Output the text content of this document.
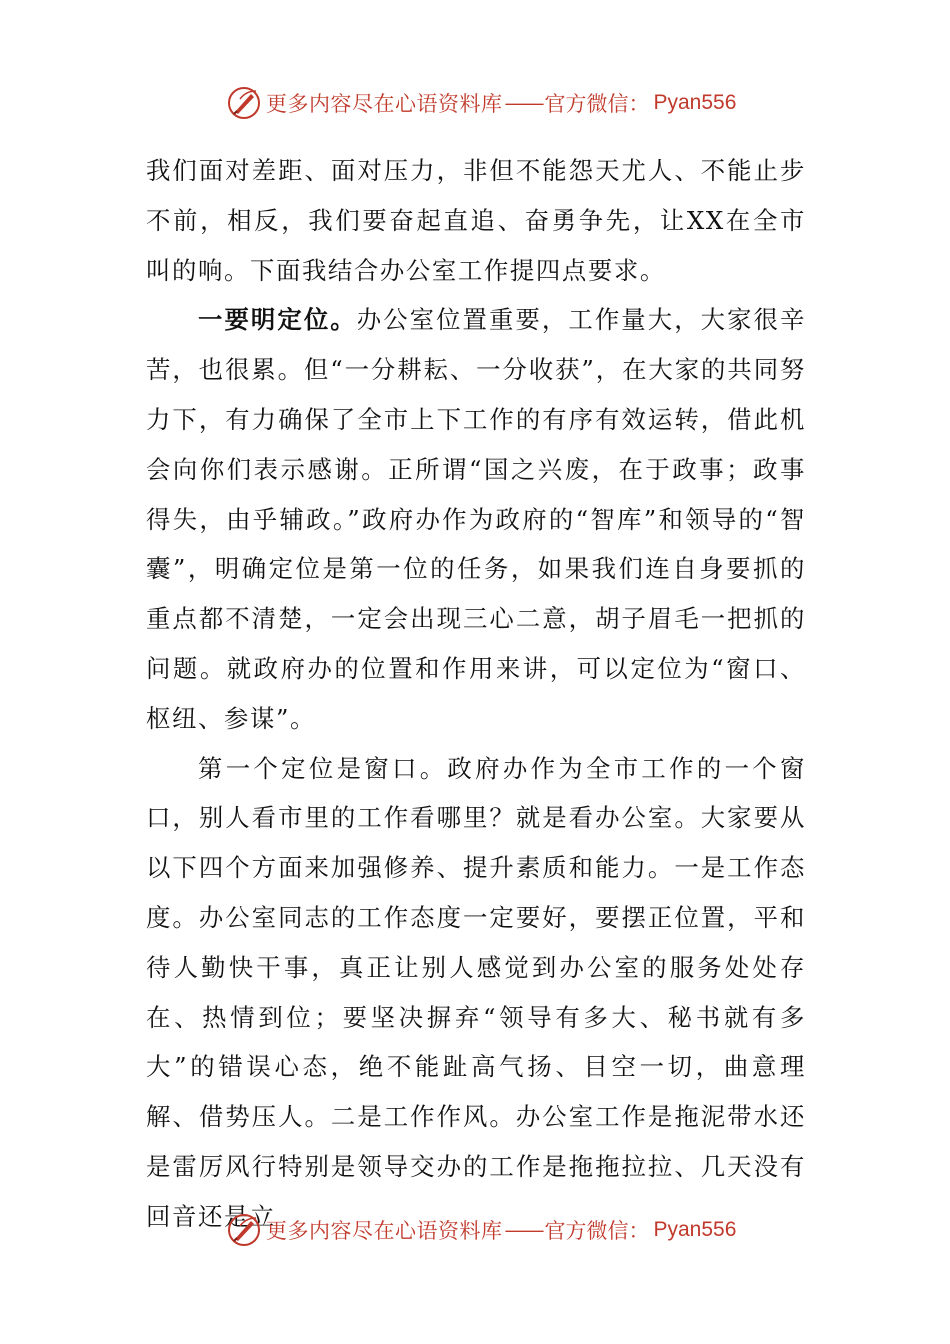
更多内容尽在心语资料库 —— 官方微信： Pyan556

我们面对差距、面对压力，非但不能怨天尤人、不能止步不前，相反，我们要奋起直追、奋勇争先，让XX在全市叫的响。下面我结合办公室工作提四点要求。

一要明定位。办公室位置重要，工作量大，大家很辛苦，也很累。但“一分耕耘、一分收获”，在大家的共同努力下，有力确保了全市上下工作的有序有效运转，借此机会向你们表示感谢。正所谓“国之兴废，在于政事；政事得失，由乎辅政。”政府办作为政府的“智库”和领导的“智囊”，明确定位是第一位的任务，如果我们连自身要抓的重点都不清楚，一定会出现三心二意，胡子眉毛一把抓的问题。就政府办的位置和作用来讲，可以定位为“窗口、枢纽、参谋”。

第一个定位是窗口。政府办作为全市工作的一个窗口，别人看市里的工作看哪里？就是看办公室。大家要从以下四个方面来加强修养、提升素质和能力。一是工作态度。办公室同志的工作态度一定要好，要摆正位置，平和待人勤快干事，真正让别人感觉到办公室的服务处处存在、热情到位；要坚决摒弃“领导有多大、秘书就有多大”的错误心态，绝不能趾高气扬、目空一切，曲意理解、借势压人。二是工作作风。办公室工作是拖泥带水还是雷厉风行特别是领导交办的工作是拖拖拉拉、几天没有回音还是立

更多内容尽在心语资料库 —— 官方微信： Pyan556
